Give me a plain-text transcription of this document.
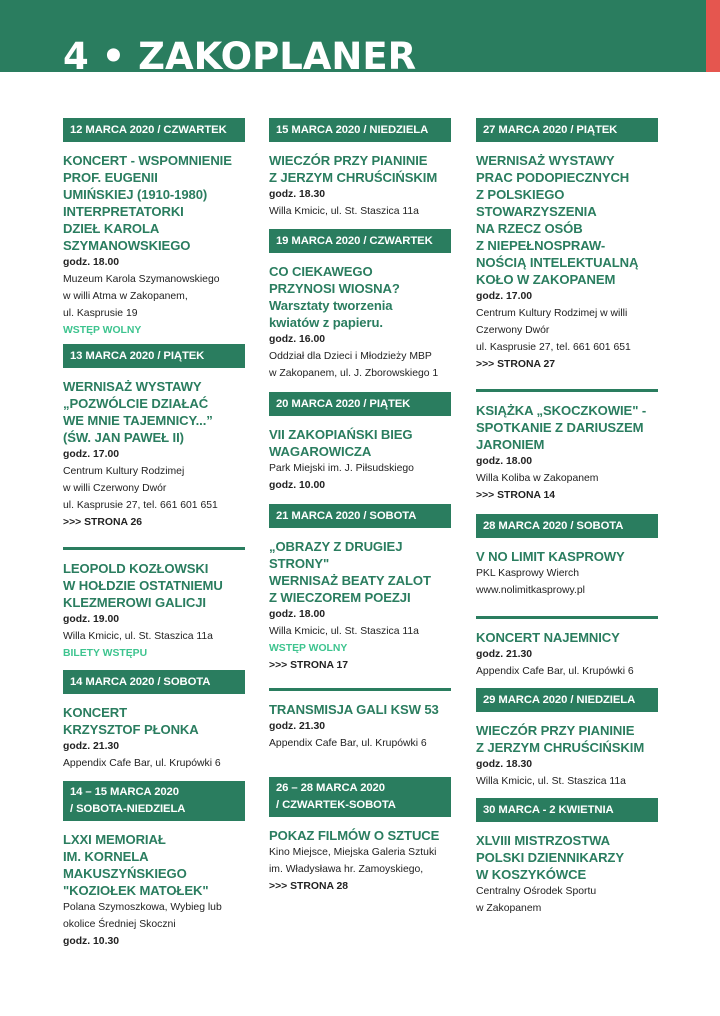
4 • ZAKOPLANER
12 MARCA 2020 / CZWARTEK
KONCERT - WSPOMNIENIE
PROF. EUGENII
UMIŃSKIEJ (1910-1980)
INTERPRETATORKI
DZIEŁ KAROLA
SZYMANOWSKIEGO
godz. 18.00
Muzeum Karola Szymanowskiego
w willi Atma w Zakopanem,
ul. Kasprusie 19
WSTĘP WOLNY
13 MARCA 2020 / PIĄTEK
WERNISAŻ WYSTAWY
„POZWÓLCIE DZIAŁAĆ
WE MNIE TAJEMNICY...”
(ŚW. JAN PAWEŁ II)
godz. 17.00
Centrum Kultury Rodzimej
w willi Czerwony Dwór
ul. Kasprusie 27, tel. 661 601 651
>>> STRONA 26
LEOPOLD KOZŁOWSKI
W HOŁDZIE OSTATNIEMU
KLEZMEROWI GALICJI
godz. 19.00
Willa Kmicic, ul. St. Staszica 11a
BILETY WSTĘPU
14 MARCA 2020 / SOBOTA
KONCERT
KRZYSZTOF PŁONKA
godz. 21.30
Appendix Cafe Bar, ul. Krupówki 6
14 – 15 MARCA 2020
/ SOBOTA-NIEDZIELA
LXXI MEMORIAŁ
IM. KORNELA
MAKUSZYŃSKIEGO
"KOZIOŁEK MATOŁEK"
Polana Szymoszkowa, Wybieg lub
okolice Średniej Skoczni
godz. 10.30
15 MARCA 2020 / NIEDZIELA
WIECZÓR PRZY PIANINIE
Z JERZYM CHRUŚCIŃSKIM
godz. 18.30
Willa Kmicic, ul. St. Staszica 11a
19 MARCA 2020 / CZWARTEK
CO CIEKAWEGO
PRZYNOSI WIOSNA?
Warsztaty tworzenia
kwiatów z papieru.
godz. 16.00
Oddział dla Dzieci i Młodzieży MBP
w Zakopanem, ul. J. Zborowskiego 1
20 MARCA 2020 / PIĄTEK
VII ZAKOPIAŃSKI BIEG
WAGAROWICZA
Park Miejski im. J. Piłsudskiego
godz. 10.00
21 MARCA 2020 / SOBOTA
„OBRAZY Z DRUGIEJ
STRONY"
WERNISAŻ BEATY ZALOT
Z WIECZOREM POEZJI
godz. 18.00
Willa Kmicic, ul. St. Staszica 11a
WSTĘP WOLNY
>>> STRONA 17
TRANSMISJA GALI KSW 53
godz. 21.30
Appendix Cafe Bar, ul. Krupówki 6
26 – 28 MARCA 2020
/ CZWARTEK-SOBOTA
POKAZ FILMÓW O SZTUCE
Kino Miejsce, Miejska Galeria Sztuki
im. Władysława hr. Zamoyskiego,
>>> STRONA 28
27 MARCA 2020 / PIĄTEK
WERNISAŻ WYSTAWY
PRAC PODOPIECZNYCH
Z POLSKIEGO
STOWARZYSZENIA
NA RZECZ OSÓB
Z NIEPEŁNOSPRAW-
NOŚCIĄ INTELEKTUALNĄ
KOŁO W ZAKOPANEM
godz. 17.00
Centrum Kultury Rodzimej w willi
Czerwony Dwór
ul. Kasprusie 27, tel. 661 601 651
>>> STRONA 27
KSIĄŻKA „SKOCZKOWIE" -
SPOTKANIE Z DARIUSZEM
JARONIEM
godz. 18.00
Willa Koliba w Zakopanem
>>> STRONA 14
28 MARCA 2020 / SOBOTA
V NO LIMIT KASPROWY
PKL Kasprowy Wierch
www.nolimitkasprowy.pl
KONCERT NAJEMNICY
godz. 21.30
Appendix Cafe Bar, ul. Krupówki 6
29 MARCA 2020 / NIEDZIELA
WIECZÓR PRZY PIANINIE
Z JERZYM CHRUŚCIŃSKIM
godz. 18.30
Willa Kmicic, ul. St. Staszica 11a
30 MARCA - 2 KWIETNIA
XLVIII MISTRZOSTWA
POLSKI DZIENNIKARZY
W KOSZYKÓWCE
Centralny Ośrodek Sportu
w Zakopanem
